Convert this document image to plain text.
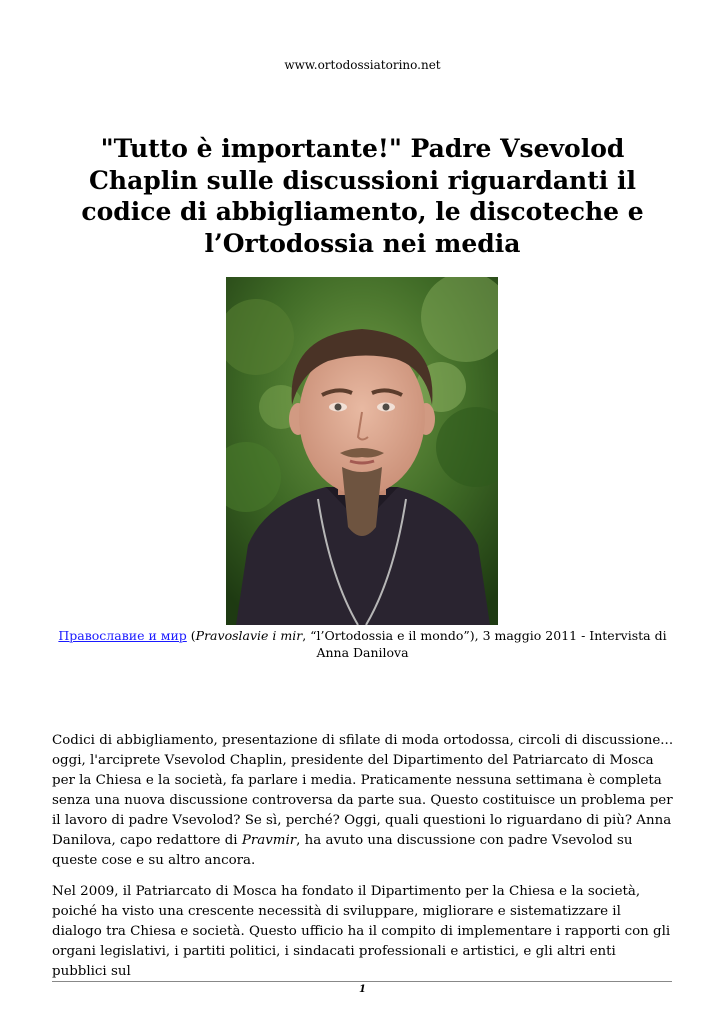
www.ortodossiatorino.net
"Tutto è importante!" Padre Vsevolod Chaplin sulle discussioni riguardanti il codice di abbigliamento, le discoteche e l’Ortodossia nei media
Православие и мир (Pravoslavie i mir, “l’Ortodossia e il mondo”), 3 maggio 2011 - Intervista di Anna Danilova

Codici di abbigliamento, presentazione di sfilate di moda ortodossa, circoli di discussione... oggi, l'arciprete Vsevolod Chaplin, presidente del Dipartimento del Patriarcato di Mosca per la Chiesa e la società, fa parlare i media. Praticamente nessuna settimana è completa senza una nuova discussione controversa da parte sua. Questo costituisce un problema per il lavoro di padre Vsevolod? Se sì, perché? Oggi, quali questioni lo riguardano di più? Anna Danilova, capo redattore di Pravmir, ha avuto una discussione con padre Vsevolod su queste cose e su altro ancora.

Nel 2009, il Patriarcato di Mosca ha fondato il Dipartimento per la Chiesa e la società, poiché ha visto una crescente necessità di sviluppare, migliorare e sistematizzare il dialogo tra Chiesa e società. Questo ufficio ha il compito di implementare i rapporti con gli organi legislativi, i partiti politici, i sindacati professionali e artistici, e gli altri enti pubblici sul

1
